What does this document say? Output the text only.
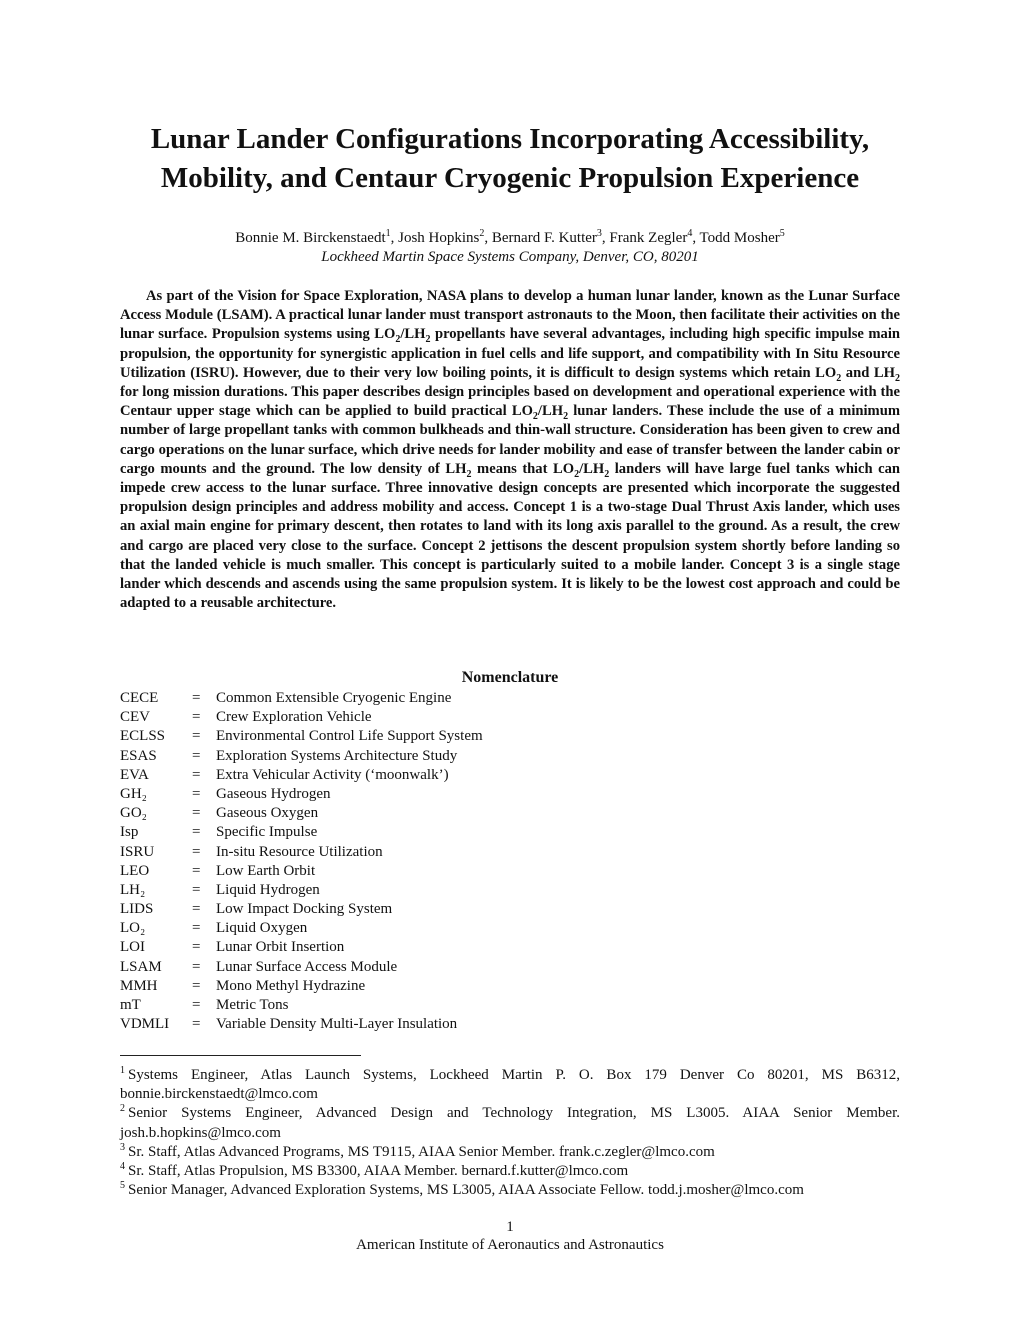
Lunar Lander Configurations Incorporating Accessibility,
Mobility, and Centaur Cryogenic Propulsion Experience
Bonnie M. Birckenstaedt$^1$, Josh Hopkins$^2$, Bernard F. Kutter$^3$, Frank Zegler$^4$, Todd Mosher$^5$
Lockheed Martin Space Systems Company, Denver, CO, 80201

As part of the Vision for Space Exploration, NASA plans to develop a human lunar lander, known as the Lunar Surface Access Module (LSAM). A practical lunar lander must transport astronauts to the Moon, then facilitate their activities on the lunar surface. Propulsion systems using $LO_2/LH_2$ propellants have several advantages, including high specific impulse main propulsion, the opportunity for synergistic application in fuel cells and life support, and compatibility with In Situ Resource Utilization (ISRU). However, due to their very low boiling points, it is difficult to design systems which retain $LO_2$ and $LH_2$ for long mission durations. This paper describes design principles based on development and operational experience with the Centaur upper stage which can be applied to build practical $LO_2/LH_2$ lunar landers. These include the use of a minimum number of large propellant tanks with common bulkheads and thin-wall structure. Consideration has been given to crew and cargo operations on the lunar surface, which drive needs for lander mobility and ease of transfer between the lander cabin or cargo mounts and the ground. The low density of $LH_2$ means that $LO_2/LH_2$ landers will have large fuel tanks which can impede crew access to the lunar surface. Three innovative design concepts are presented which incorporate the suggested propulsion design principles and address mobility and access. Concept 1 is a two-stage Dual Thrust Axis lander, which uses an axial main engine for primary descent, then rotates to land with its long axis parallel to the ground. As a result, the crew and cargo are placed very close to the surface. Concept 2 jettisons the descent propulsion system shortly before landing so that the landed vehicle is much smaller. This concept is particularly suited to a mobile lander. Concept 3 is a single stage lander which descends and ascends using the same propulsion system. It is likely to be the lowest cost approach and could be adapted to a reusable architecture.

Nomenclature
CECE = Common Extensible Cryogenic Engine
CEV	= Crew Exploration Vehicle
ECLSS = Environmental Control Life Support System
ESAS = Exploration Systems Architecture Study
EVA	= Extra Vehicular Activity (‘moonwalk’)
GH₂	= Gaseous Hydrogen
GO₂	= Gaseous Oxygen
Isp	= Specific Impulse
ISRU	= In-situ Resource Utilization
LEO	= Low Earth Orbit
LH₂	= Liquid Hydrogen
LIDS	= Low Impact Docking System
LO₂	= Liquid Oxygen
LOI	= Lunar Orbit Insertion
LSAM = Lunar Surface Access Module
MMH = Mono Methyl Hydrazine
mT	= Metric Tons
VDMLI = Variable Density Multi-Layer Insulation
$^1$ Systems Engineer, Atlas Launch Systems, Lockheed Martin P. O. Box 179 Denver Co 80201, MS B6312, bonnie.birckenstaedt@lmco.com
$^2$ Senior Systems Engineer, Advanced Design and Technology Integration, MS L3005. AIAA Senior Member. josh.b.hopkins@lmco.com
$^3$ Sr. Staff, Atlas Advanced Programs, MS T9115, AIAA Senior Member. frank.c.zegler@lmco.com
$^4$ Sr. Staff, Atlas Propulsion, MS B3300, AIAA Member. bernard.f.kutter@lmco.com
$^5$ Senior Manager, Advanced Exploration Systems, MS L3005, AIAA Associate Fellow. todd.j.mosher@lmco.com
1
American Institute of Aeronautics and Astronautics
